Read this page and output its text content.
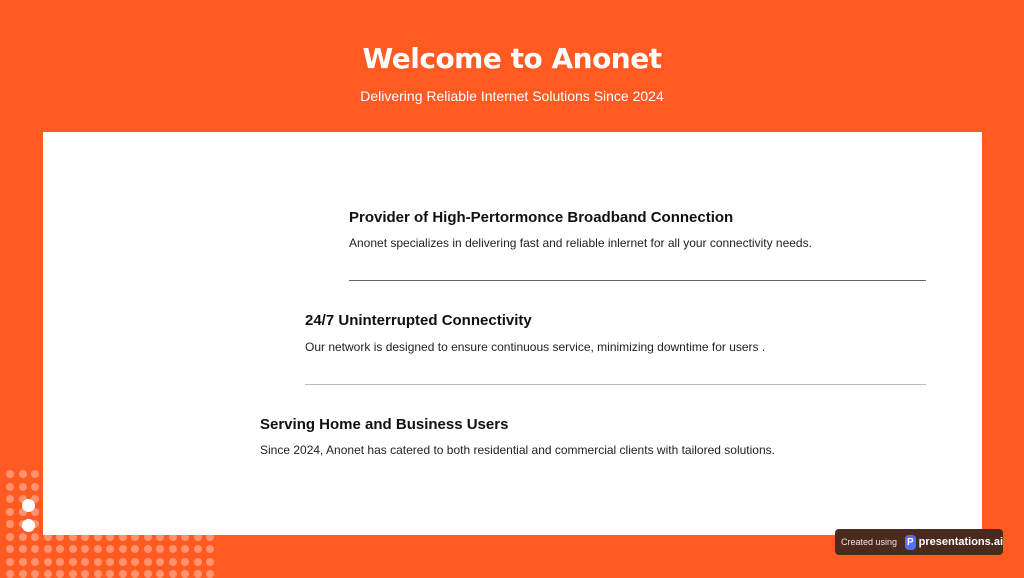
Welcome to Anonet
Delivering Reliable Internet Solutions Since 2024
Provider of High-Pertormonce Broadband Connection

Anonet specializes in delivering fast and reliable inlernet for all your connectivity needs.

24/7 Uninterrupted Connectivity

Our network is designed to ensure continuous service, minimizing downtime for users .

Serving Home and Business Users

Since 2024, Anonet has catered to both residential and commercial clients with tailored solutions.

Created using P presentations.ai
